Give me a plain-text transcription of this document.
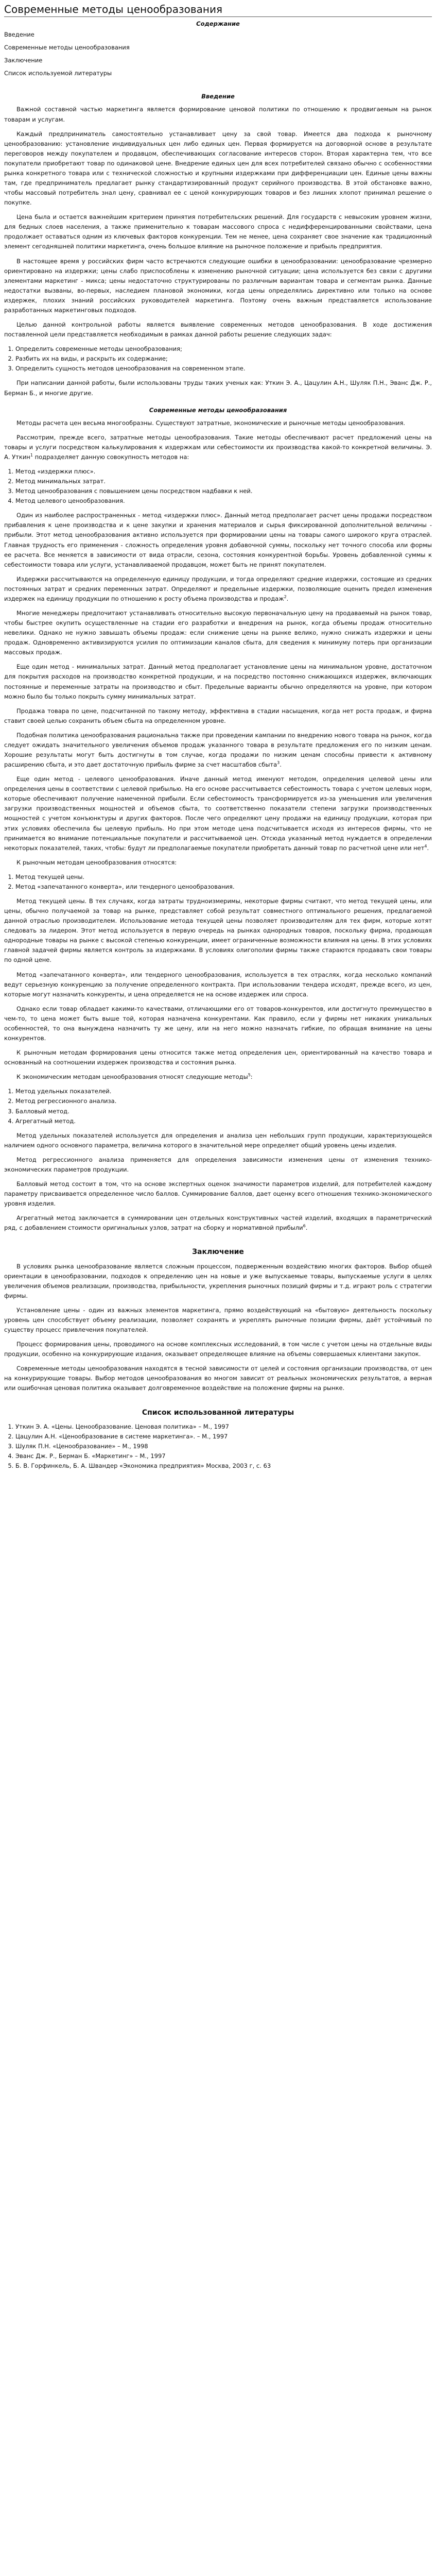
Современные методы ценообразования
Содержание
Введение
Современные методы ценообразования
Заключение
Список используемой литературы
Введение

Важной составной частью маркетинга является формирование ценовой политики по отношению к продвигаемым на рынок товарам и услугам.

Каждый предприниматель самостоятельно устанавливает цену за свой товар. Имеется два подхода к рыночному ценообразованию: установление индивидуальных цен либо единых цен. Первая формируется на договорной основе в результате переговоров между покупателем и продавцом, обеспечивающих согласование интересов сторон. Вторая характерна тем, что все покупатели приобретают товар по одинаковой цене. Внедрение единых цен для всех потребителей связано обычно с особенностями рынка конкретного товара или с технической сложностью и крупными издержками при дифференциации цен. Единые цены важны там, где предприниматель предлагает рынку стандартизированный продукт серийного производства. В этой обстановке важно, чтобы массовый потребитель знал цену, сравнивал ее с ценой конкурирующих товаров и без лишних хлопот принимал решение о покупке.

Цена была и остается важнейшим критерием принятия потребительских решений. Для государств с невысоким уровнем жизни, для бедных слоев населения, а также применительно к товарам массового спроса с недифференцированными свойствами, цена продолжает оставаться одним из ключевых факторов конкуренции. Тем не менее, цена сохраняет свое значение как традиционный элемент сегодняшней политики маркетинга, очень большое влияние на рыночное положение и прибыль предприятия.

В настоящее время у российских фирм часто встречаются следующие ошибки в ценообразовании: ценообразование чрезмерно ориентировано на издержки; цены слабо приспособлены к изменению рыночной ситуации; цена используется без связи с другими элементами маркетинг - микса; цены недостаточно структурированы по различным вариантам товара и сегментам рынка. Данные недостатки вызваны, во-первых, наследием плановой экономики, когда цены определялись директивно или только на основе издержек, плохих знаний российских руководителей маркетинга. Поэтому очень важным представляется использование разработанных маркетинговых подходов.

Целью данной контрольной работы является выявление современных методов ценообразования. В ходе достижения поставленной цели представляется необходимым в рамках данной работы решение следующих задач:

1. Определить современные методы ценообразования;
2. Разбить их на виды, и раскрыть их содержание;
3. Определить сущность методов ценообразования на современном этапе.

При написании данной работы, были использованы труды таких ученых как: Уткин Э. А., Цацулин А.Н., Шуляк П.Н., Эванс Дж. Р., Берман Б., и многие другие.

Современные методы ценообразования

Методы расчета цен весьма многообразны. Существуют затратные, экономические и рыночные методы ценообразования.

Рассмотрим, прежде всего, затратные методы ценообразования. Такие методы обеспечивают расчет предложений цены на товары и услуги посредством калькулирования к издержкам или себестоимости их производства какой-то конкретной величины. Э. А. Уткин$^1$ подразделяет данную совокупность методов на:

1. Метод «издержки плюс».
2. Метод минимальных затрат.
3. Метод ценообразования с повышением цены посредством надбавки к ней.
4. Метод целевого ценообразования.

Один из наиболее распространенных - метод «издержки плюс». Данный метод предполагает расчет цены продажи посредством прибавления к цене производства и к цене закупки и хранения материалов и сырья фиксированной дополнительной величины - прибыли. Этот метод ценообразования активно используется при формировании цены на товары самого широкого круга отраслей. Главная трудность его применения - сложность определения уровня добавочной суммы, поскольку нет точного способа или формы ее расчета. Все меняется в зависимости от вида отрасли, сезона, состояния конкурентной борьбы. Уровень добавленной суммы к себестоимости товара или услуги, устанавливаемой продавцом, может быть не принят покупателем.

Издержки рассчитываются на определенную единицу продукции, и тогда определяют средние издержки, состоящие из средних постоянных затрат и средних переменных затрат. Определяют и предельные издержки, позволяющие оценить предел изменения издержек на единицу продукции по отношению к росту объема производства и продаж$^2$.

Многие менеджеры предпочитают устанавливать относительно высокую первоначальную цену на продаваемый на рынок товар, чтобы быстрее окупить осуществленные на стадии его разработки и внедрения на рынок, когда объемы продаж относительно невелики. Однако не нужно завышать объемы продаж: если снижение цены на рынке велико, нужно снижать издержки и цены продаж. Одновременно активизируются усилия по оптимизации каналов сбыта, для сведения к минимуму потерь при организации массовых продаж.

Еще один метод - минимальных затрат. Данный метод предполагает установление цены на минимальном уровне, достаточном для покрытия расходов на производство конкретной продукции, и на посредство постоянно снижающихся издержек, включающих постоянные и переменные затраты на производство и сбыт. Предельные варианты обычно определяются на уровне, при котором можно было бы только покрыть сумму минимальных затрат.

Продажа товара по цене, подсчитанной по такому методу, эффективна в стадии насыщения, когда нет роста продаж, и фирма ставит своей целью сохранить объем сбыта на определенном уровне.

Подобная политика ценообразования рациональна также при проведении кампании по внедрению нового товара на рынок, когда следует ожидать значительного увеличения объемов продаж указанного товара в результате предложения его по низким ценам. Хорошие результаты могут быть достигнуты в том случае, когда продажи по низким ценам способны привести к активному расширению сбыта, и это дает достаточную прибыль фирме за счет масштабов сбыта$^3$.

Еще один метод - целевого ценообразования. Иначе данный метод именуют методом, определения целевой цены или определения цены в соответствии с целевой прибылью. На его основе рассчитывается себестоимость товара с учетом целевых норм, которые обеспечивают получение намеченной прибыли. Если себестоимость трансформируется из-за уменьшения или увеличения загрузки производственных мощностей и объемов сбыта, то соответственно показатели степени загрузки производственных мощностей с учетом конъюнктуры и других факторов. После чего определяют цену продажи на единицу продукции, которая при этих условиях обеспечила бы целевую прибыль. Но при этом методе цена подсчитывается исходя из интересов фирмы, что не принимается во внимание потенциальные покупатели и рассчитываемой цен. Отсюда указанный метод нуждается в определении некоторых показателей, таких, чтобы: будут ли предполагаемые покупатели приобретать данный товар по расчетной цене или нет$^4$.

К рыночным методам ценообразования относятся:

1. Метод текущей цены.
2. Метод «запечатанного конверта», или тендерного ценообразования.

Метод текущей цены. В тех случаях, когда затраты трудноизмеримы, некоторые фирмы считают, что метод текущей цены, или цены, обычно получаемой за товар на рынке, представляет собой результат совместного оптимального решения, предлагаемой данной отраслью производителем. Использование метода текущей цены позволяет производителям для тех фирм, которые хотят следовать за лидером. Этот метод используется в первую очередь на рынках однородных товаров, поскольку фирма, продающая однородные товары на рынке с высокой степенью конкуренции, имеет ограниченные возможности влияния на цены. В этих условиях главной задачей фирмы является контроль за издержками. В условиях олигополии фирмы также стараются продавать свои товары по одной цене.

Метод «запечатанного конверта», или тендерного ценообразования, используется в тех отраслях, когда несколько компаний ведут серьезную конкуренцию за получение определенного контракта. При использовании тендера исходят, прежде всего, из цен, которые могут назначить конкуренты, и цена определяется не на основе издержек или спроса.

Однако если товар обладает какими-то качествами, отличающими его от товаров-конкурентов, или достигнуто преимущество в чем-то, то цена может быть выше той, которая назначена конкурентами. Как правило, если у фирмы нет никаких уникальных особенностей, то она вынуждена назначить ту же цену, или на него можно назначать гибкие, по обращая внимание на цены конкурентов.

К рыночным методам формирования цены относится также метод определения цен, ориентированный на качество товара и основанный на соотношении издержек производства и состояния рынка.

К экономическим методам ценообразования относят следующие методы$^5$:

1. Метод удельных показателей.
2. Метод регрессионного анализа.
3. Балловый метод.
4. Агрегатный метод.

Метод удельных показателей используется для определения и анализа цен небольших групп продукции, характеризующейся наличием одного основного параметра, величина которого в значительной мере определяет общий уровень цены изделия.

Метод регрессионного анализа применяется для определения зависимости изменения цены от изменения технико-экономических параметров продукции.

Балловый метод состоит в том, что на основе экспертных оценок значимости параметров изделий, для потребителей каждому параметру присваивается определенное число баллов. Суммирование баллов, дает оценку всего отношения технико-экономического уровня изделия.

Агрегатный метод заключается в суммировании цен отдельных конструктивных частей изделий, входящих в параметрический ряд, с добавлением стоимости оригинальных узлов, затрат на сборку и нормативной прибыли$^6$.

Заключение

В условиях рынка ценообразование является сложным процессом, подверженным воздействию многих факторов. Выбор общей ориентации в ценообразовании, подходов к определению цен на новые и уже выпускаемые товары, выпускаемые услуги в целях увеличения объемов реализации, производства, прибыльности, укрепления рыночных позиций фирмы и т.д. играют роль с стратегии фирмы.

Установление цены - один из важных элементов маркетинга, прямо воздействующий на «бытовую» деятельность поскольку уровень цен способствует объему реализации, позволяет сохранять и укреплять рыночные позиции фирмы, даёт устойчивый по существу процесс привлечения покупателей.

Процесс формирования цены, проводимого на основе комплексных исследований, в том числе с учетом цены на отдельные виды продукции, особенно на конкурирующие издания, оказывает определяющее влияние на объемы совершаемых клиентами закупок.

Современные методы ценообразования находятся в тесной зависимости от целей и состояния организации производства, от цен на конкурирующие товары. Выбор методов ценообразования во многом зависит от реальных экономических результатов, а верная или ошибочная ценовая политика оказывает долговременное воздействие на положение фирмы на рынке.

Список использованной литературы
1. Уткин Э. А. «Цены. Ценообразование. Ценовая политика» – М., 1997
2. Цацулин А.Н. «Ценообразование в системе маркетинга». – М., 1997
3. Шуляк П.Н. «Ценообразование» – М., 1998
4. Эванс Дж. Р., Берман Б. «Маркетинг» – М., 1997
5. Б. В. Горфинкель, Б. А. Швандер «Экономика предприятия» Москва, 2003 г, с. 63
